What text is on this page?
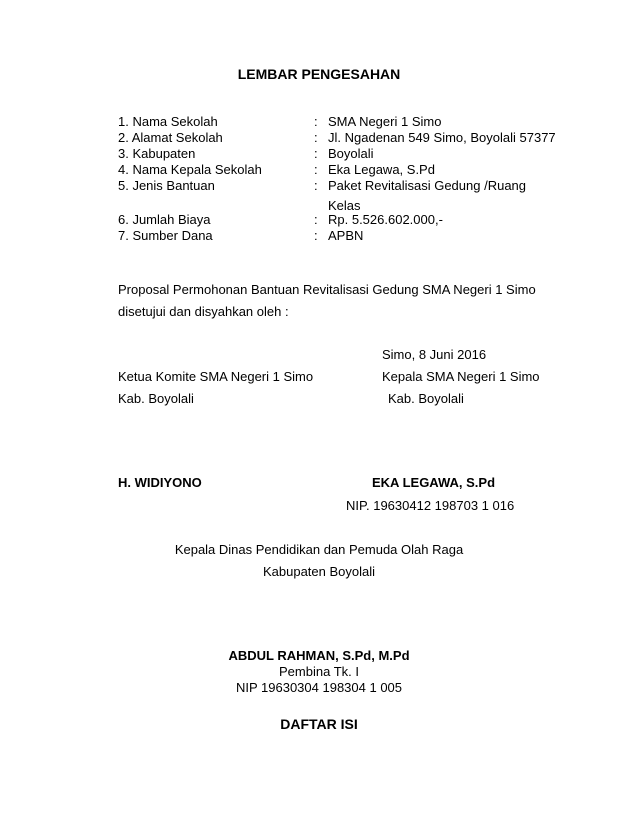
LEMBAR PENGESAHAN
1. Nama Sekolah	: SMA Negeri 1 Simo
2. Alamat Sekolah	: Jl. Ngadenan 549 Simo, Boyolali 57377
3. Kabupaten	: Boyolali
4. Nama Kepala Sekolah	: Eka Legawa, S.Pd
5. Jenis Bantuan	: Paket Revitalisasi Gedung /Ruang
Kelas
6. Jumlah Biaya	: Rp. 5.526.602.000,-
7. Sumber Dana	: APBN
Proposal Permohonan Bantuan Revitalisasi Gedung SMA Negeri 1 Simo
disetujui dan disyahkan oleh :
Simo, 8 Juni 2016
Ketua Komite SMA Negeri 1 Simo
Kab. Boyolali
H. WIDIYONO
Kepala SMA Negeri 1 Simo
Kab. Boyolali
EKA LEGAWA, S.Pd
NIP. 19630412 198703 1 016
Kepala Dinas Pendidikan dan Pemuda Olah Raga
Kabupaten Boyolali
ABDUL RAHMAN, S.Pd, M.Pd
Pembina Tk. I
NIP 19630304 198304 1 005
DAFTAR ISI
